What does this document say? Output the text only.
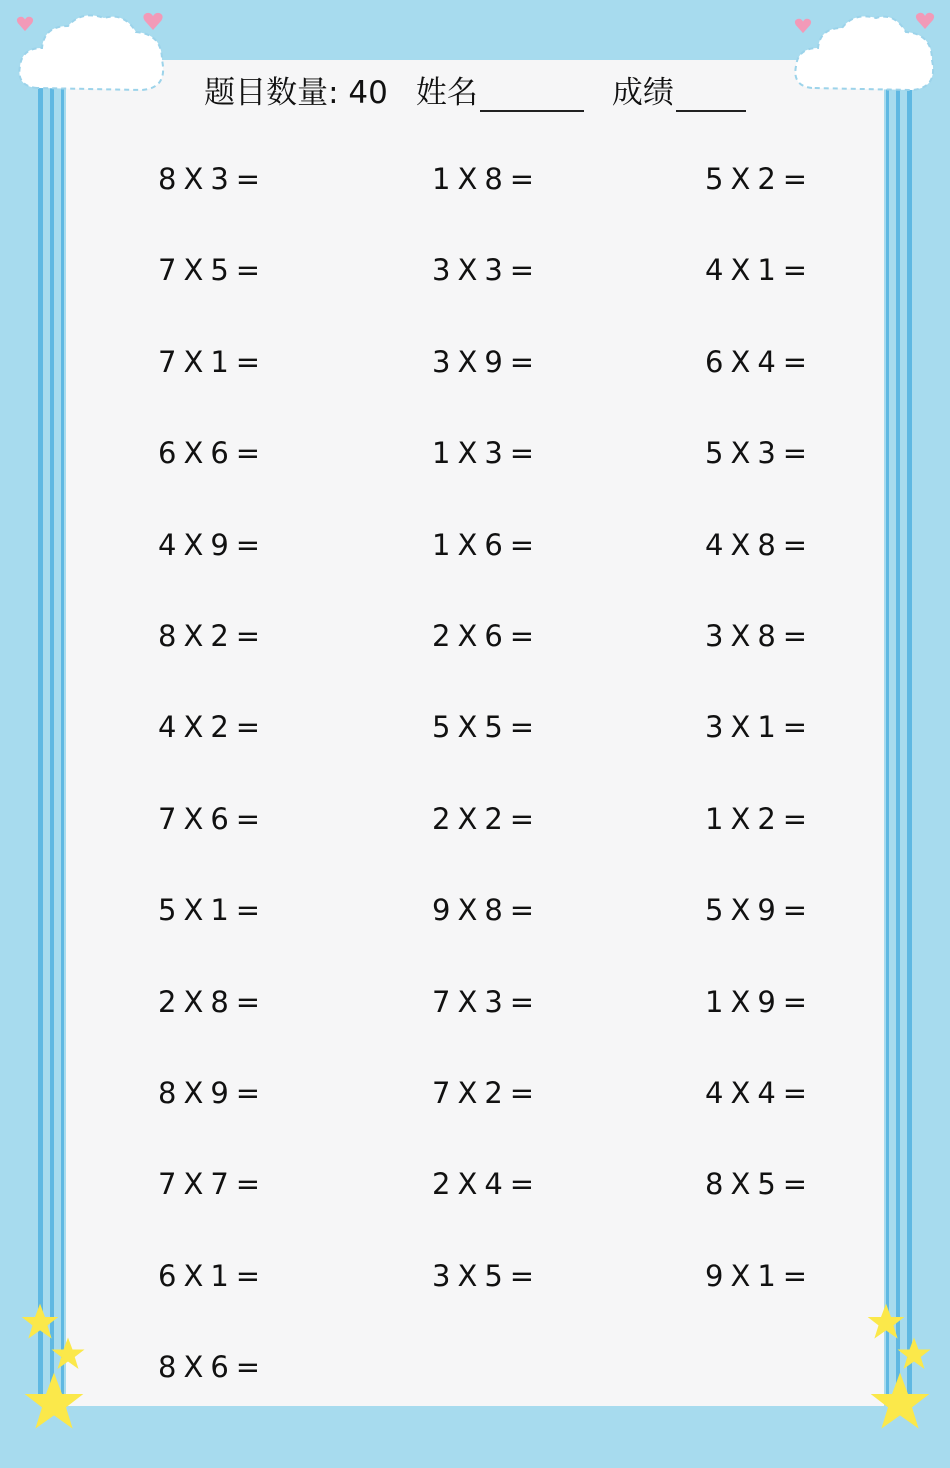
题目数量: 40 姓名	成绩
8X3=	1X8=	5X2=
7X5=	3X3=	4X1=
7X1=	3X9=	6X4=
6X6=	1X3=	5X3=
4X9=	1X6=	4X8=
8X2=	2X6=	3X8=
4X2=	5X5=	3X1=
7X6=	2X2=	1X2=
5X1=	9X8=	5X9=
2X8=	7X3=	1X9=
8X9=	7X2=	4X4=
7X7=	2X4=	8X5=
6X1=	3X5=	9X1=
8X6=
